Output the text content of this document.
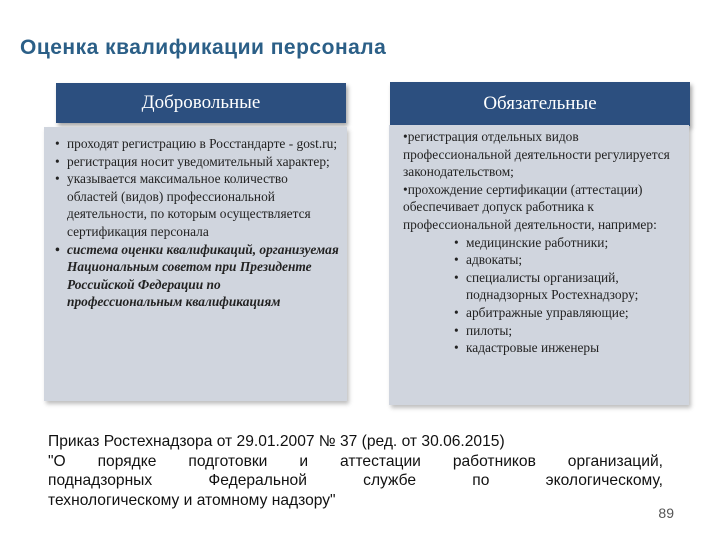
Оценка квалификации персонала
Добровольные	Обязательные
• проходят регистрацию в Росстандарте - gost.ru;
• регистрация носит уведомительный характер;
• указывается максимальное количество областей (видов) профессиональной деятельности, по которым осуществляется сертификация персонала
• система оценки квалификаций, организуемая Национальным советом при Президенте Российской Федерации по профессиональным квалификациям
•регистрация отдельных видов профессиональной деятельности регулируется законодательством;
•прохождение сертификации (аттестации) обеспечивает допуск работника к профессиональной деятельности, например:
• медицинские работники;
• адвокаты;
• специалисты организаций, поднадзорных Ростехнадзору;
• арбитражные управляющие;
• пилоты;
• кадастровые инженеры
Приказ Ростехнадзора от 29.01.2007 № 37 (ред. от 30.06.2015)
"О порядке подготовки и аттестации работников организаций,
поднадзорных Федеральной службе по экологическому,
технологическому и атомному надзору"
89
